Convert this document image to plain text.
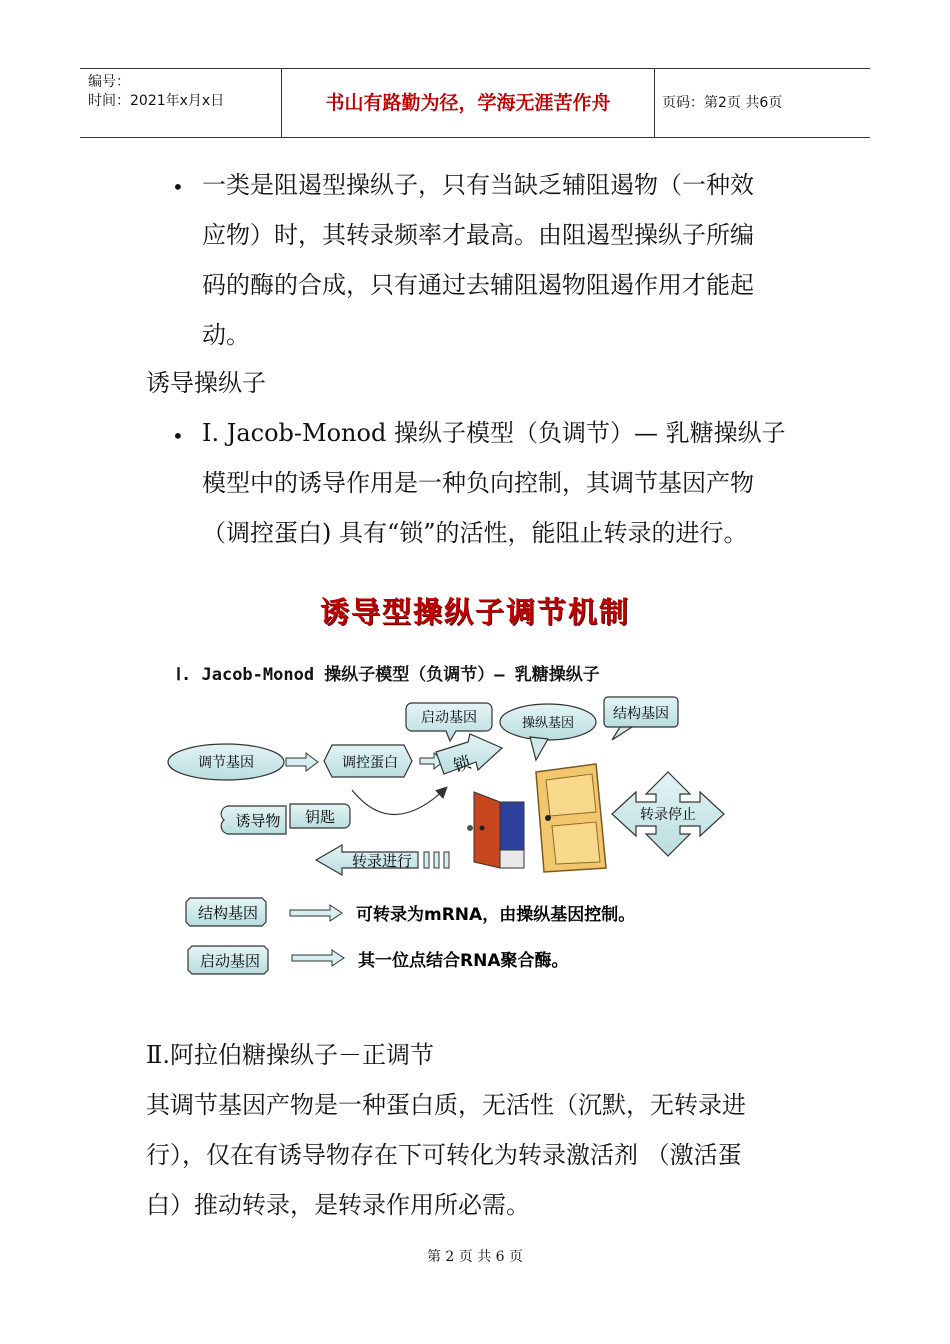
编号：
时间：2021年x月x日	书山有路勤为径，学海无涯苦作舟	页码：第2页 共6页
• 一类是阻遏型操纵子，只有当缺乏辅阻遏物（一种效
应物）时，其转录频率才最高。由阻遏型操纵子所编
码的酶的合成，只有通过去辅阻遏物阻遏作用才能起
动。
诱导操纵子
• I. Jacob-Monod 操纵子模型（负调节）— 乳糖操纵子
模型中的诱导作用是一种负向控制，其调节基因产物
（调控蛋白) 具有“锁”的活性，能阻止转录的进行。
诱导型操纵子调节机制
Ⅰ. Jacob-Monod 操纵子模型（负调节）— 乳糖操纵子
启动基因	操纵基因
结构基因
调节基因	调控蛋白	锁
诱导物 钥匙	转录停止
转录进行
结构基因	可转录为mRNA，由操纵基因控制。
启动基因	其一位点结合RNA聚合酶。
Ⅱ.阿拉伯糖操纵子－正调节
其调节基因产物是一种蛋白质，无活性（沉默，无转录进
行），仅在有诱导物存在下可转化为转录激活剂 （激活蛋
白）推动转录，是转录作用所必需。
第 2 页 共 6 页
